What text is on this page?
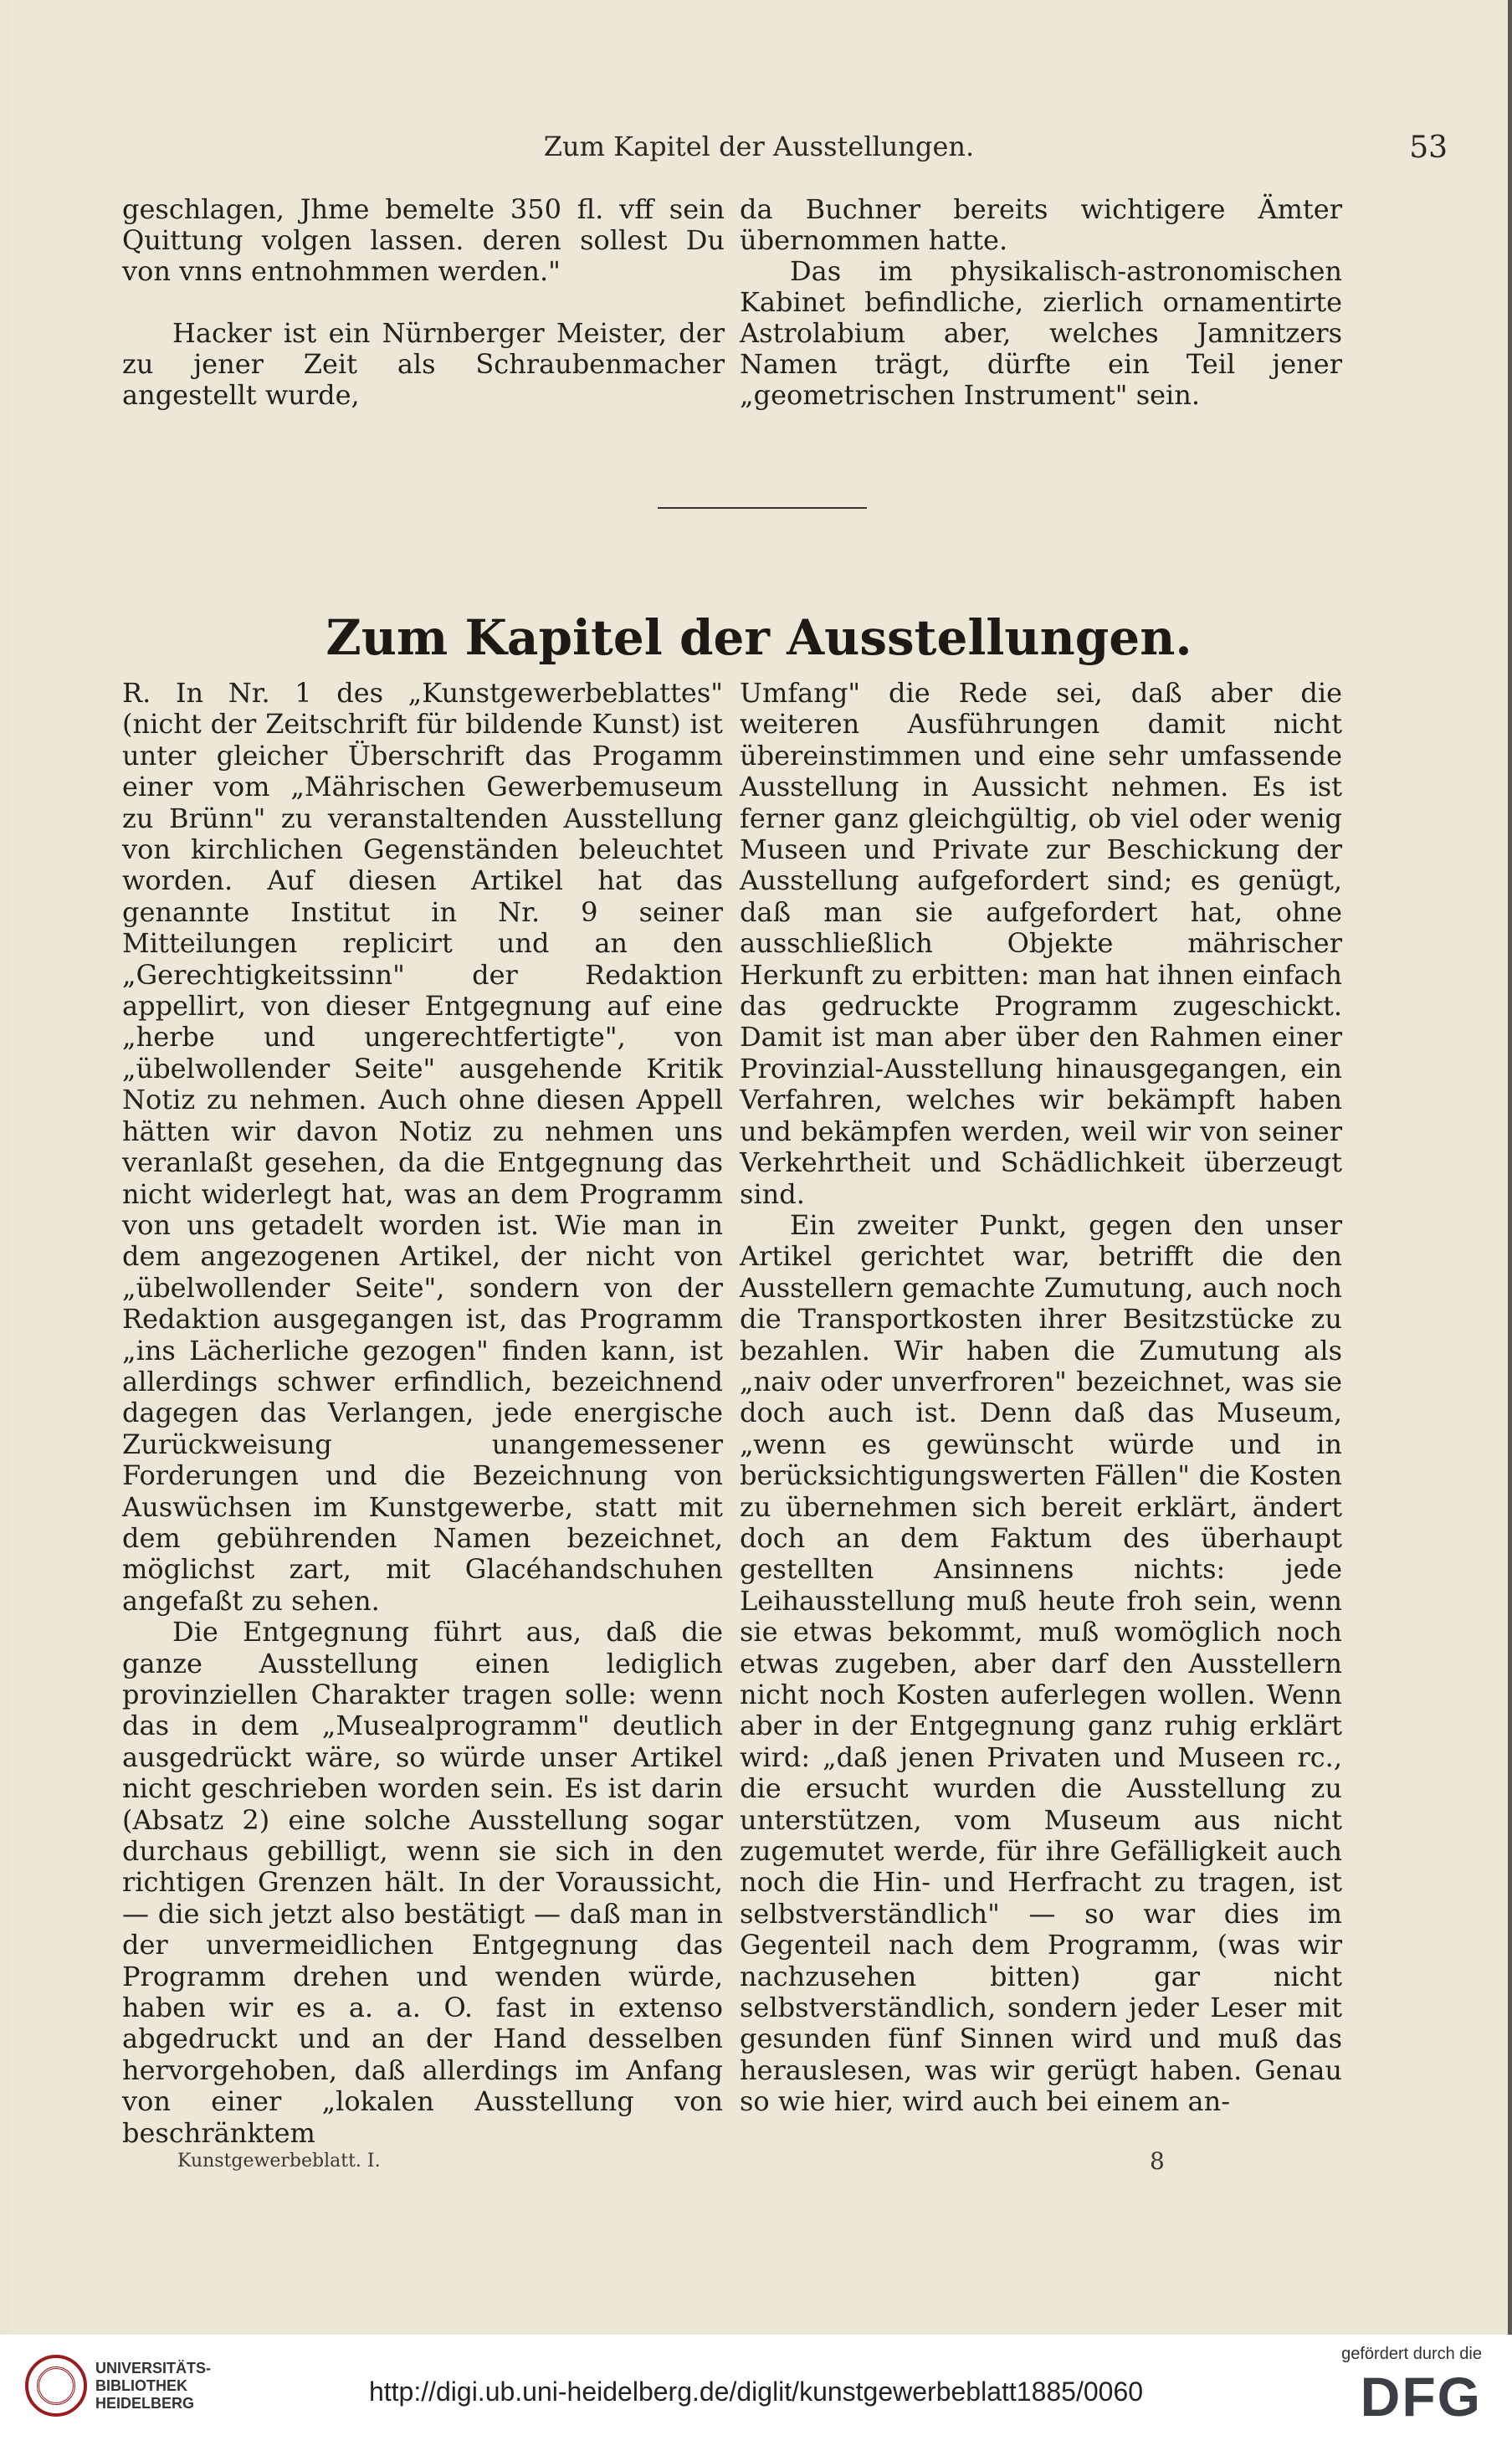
Zum Kapitel der Ausstellungen.	53

geschlagen, Jhme bemelte 350 fl. vff sein Quittung volgen lassen. deren sollest Du von vnns entnohmmen werden."

Hacker ist ein Nürnberger Meister, der zu jener Zeit als Schraubenmacher angestellt wurde,

da Buchner bereits wichtigere Ämter übernommen hatte.

Das im physikalisch-astronomischen Kabinet befindliche, zierlich ornamentirte Astrolabium aber, welches Jamnitzers Namen trägt, dürfte ein Teil jener „geometrischen Instrument" sein.

Zum Kapitel der Ausstellungen.

R. In Nr. 1 des „Kunstgewerbeblattes" (nicht der Zeitschrift für bildende Kunst) ist unter gleicher Überschrift das Progamm einer vom „Mährischen Gewerbemuseum zu Brünn" zu veranstaltenden Ausstellung von kirchlichen Gegenständen beleuchtet worden. Auf diesen Artikel hat das genannte Institut in Nr. 9 seiner Mitteilungen replicirt und an den „Gerechtigkeitssinn" der Redaktion appellirt, von dieser Entgegnung auf eine „herbe und ungerechtfertigte", von „übelwollender Seite" ausgehende Kritik Notiz zu nehmen. Auch ohne diesen Appell hätten wir davon Notiz zu nehmen uns veranlaßt gesehen, da die Entgegnung das nicht widerlegt hat, was an dem Programm von uns getadelt worden ist. Wie man in dem angezogenen Artikel, der nicht von „übelwollender Seite", sondern von der Redaktion ausgegangen ist, das Programm „ins Lächerliche gezogen" finden kann, ist allerdings schwer erfindlich, bezeichnend dagegen das Verlangen, jede energische Zurückweisung unangemessener Forderungen und die Bezeichnung von Auswüchsen im Kunstgewerbe, statt mit dem gebührenden Namen bezeichnet, möglichst zart, mit Glacéhandschuhen angefaßt zu sehen.

Die Entgegnung führt aus, daß die ganze Ausstellung einen lediglich provinziellen Charakter tragen solle: wenn das in dem „Musealprogramm" deutlich ausgedrückt wäre, so würde unser Artikel nicht geschrieben worden sein. Es ist darin (Absatz 2) eine solche Ausstellung sogar durchaus gebilligt, wenn sie sich in den richtigen Grenzen hält. In der Voraussicht, — die sich jetzt also bestätigt — daß man in der unvermeidlichen Entgegnung das Programm drehen und wenden würde, haben wir es a. a. O. fast in extenso abgedruckt und an der Hand desselben hervorgehoben, daß allerdings im Anfang von einer „lokalen Ausstellung von beschränktem

Umfang" die Rede sei, daß aber die weiteren Ausführungen damit nicht übereinstimmen und eine sehr umfassende Ausstellung in Aussicht nehmen. Es ist ferner ganz gleichgültig, ob viel oder wenig Museen und Private zur Beschickung der Ausstellung aufgefordert sind; es genügt, daß man sie aufgefordert hat, ohne ausschließlich Objekte mährischer Herkunft zu erbitten: man hat ihnen einfach das gedruckte Programm zugeschickt. Damit ist man aber über den Rahmen einer Provinzial-Ausstellung hinausgegangen, ein Verfahren, welches wir bekämpft haben und bekämpfen werden, weil wir von seiner Verkehrtheit und Schädlichkeit überzeugt sind.

Ein zweiter Punkt, gegen den unser Artikel gerichtet war, betrifft die den Ausstellern gemachte Zumutung, auch noch die Transportkosten ihrer Besitzstücke zu bezahlen. Wir haben die Zumutung als „naiv oder unverfroren" bezeichnet, was sie doch auch ist. Denn daß das Museum, „wenn es gewünscht würde und in berücksichtigungswerten Fällen" die Kosten zu übernehmen sich bereit erklärt, ändert doch an dem Faktum des überhaupt gestellten Ansinnens nichts: jede Leihausstellung muß heute froh sein, wenn sie etwas bekommt, muß womöglich noch etwas zugeben, aber darf den Ausstellern nicht noch Kosten auferlegen wollen. Wenn aber in der Entgegnung ganz ruhig erklärt wird: „daß jenen Privaten und Museen rc., die ersucht wurden die Ausstellung zu unterstützen, vom Museum aus nicht zugemutet werde, für ihre Gefälligkeit auch noch die Hin- und Herfracht zu tragen, ist selbstverständlich" — so war dies im Gegenteil nach dem Programm, (was wir nachzusehen bitten) gar nicht selbstverständlich, sondern jeder Leser mit gesunden fünf Sinnen wird und muß das herauslesen, was wir gerügt haben. Genau so wie hier, wird auch bei einem an-

Kunstgewerbeblatt. I.	8
UNIVERSITÄTS-
BIBLIOTHEK
HEIDELBERG	http://digi.ub.uni-heidelberg.de/diglit/kunstgewerbeblatt1885/0060
gefördert durch die
DFG
